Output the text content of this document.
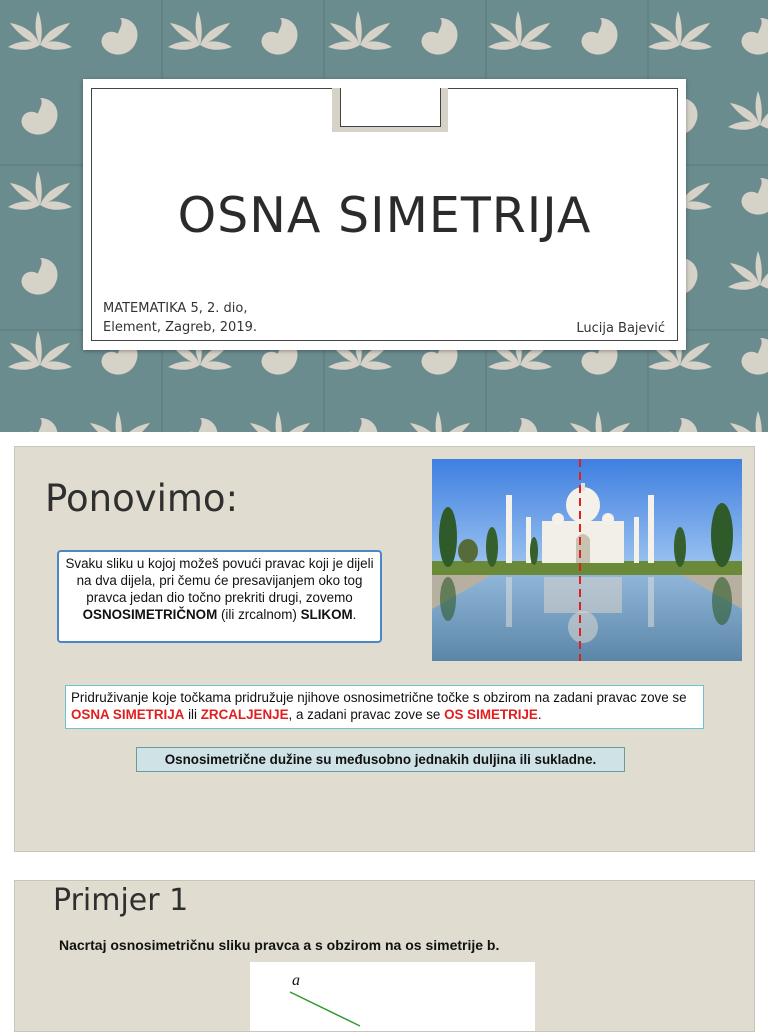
OSNA SIMETRIJA
MATEMATIKA 5, 2. dio,
Element, Zagreb, 2019.	Lucija Bajević
Ponovimo:
Svaku sliku u kojoj možeš povući pravac koji je dijeli na dva dijela, pri čemu će presavijanjem oko tog pravca jedan dio točno prekriti drugi, zovemo OSNOSIMETRIČNOM (ili zrcalnom) SLIKOM.
Pridruživanje koje točkama pridružuje njihove osnosimetrične točke s obzirom na zadani pravac zove se OSNA SIMETRIJA ili ZRCALJENJE, a zadani pravac zove se OS SIMETRIJE.
Osnosimetrične dužine su međusobno jednakih duljina ili sukladne.
Primjer 1
Nacrtaj osnosimetričnu sliku pravca a s obzirom na os simetrije b.
a
